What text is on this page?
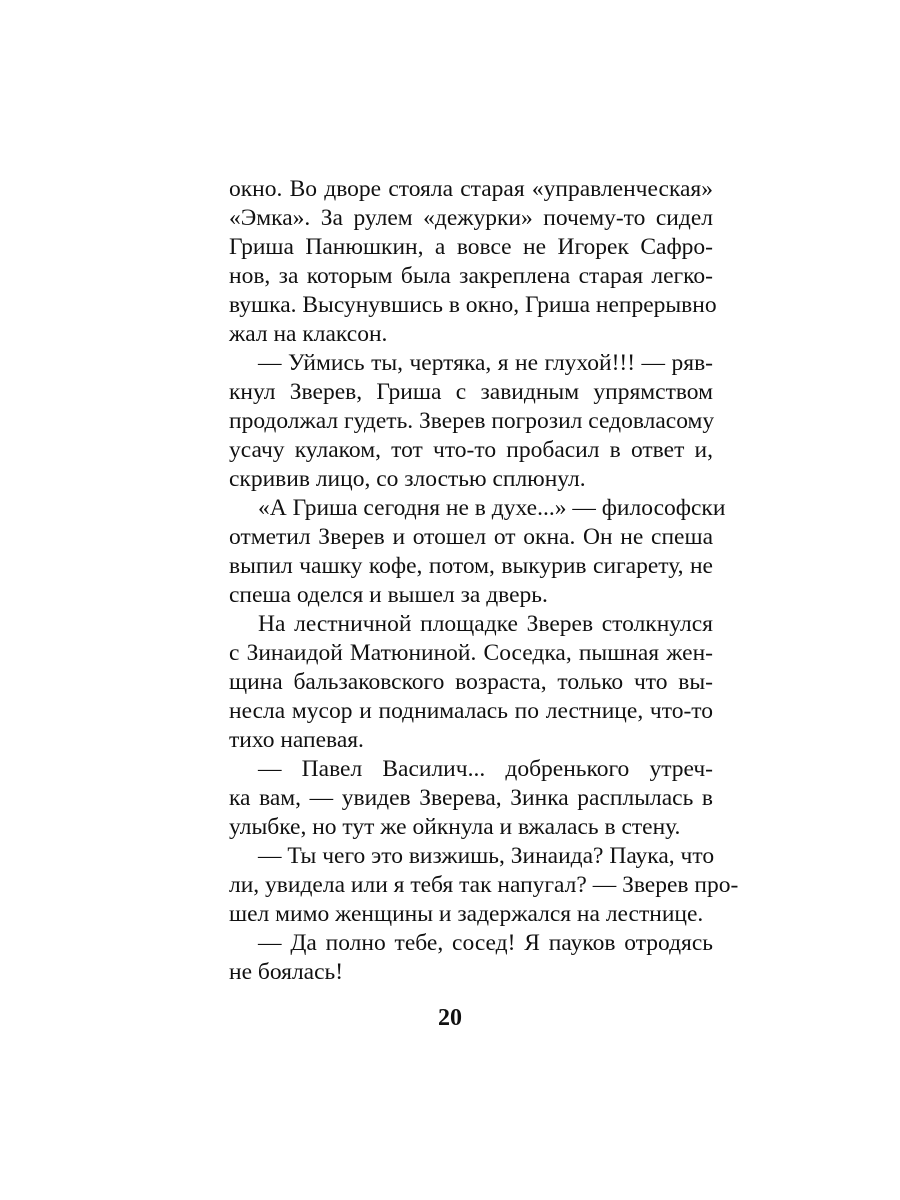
окно. Во дворе стояла старая «управленческая»
«Эмка». За рулем «дежурки» почему-то сидел
Гриша Панюшкин, а вовсе не Игорек Сафро-
нов, за которым была закреплена старая легко-
вушка. Высунувшись в окно, Гриша непрерывно
жал на клаксон.
— Уймись ты, чертяка, я не глухой!!! — ряв-
кнул Зверев, Гриша с завидным упрямством
продолжал гудеть. Зверев погрозил седовласому
усачу кулаком, тот что-то пробасил в ответ и,
скривив лицо, со злостью сплюнул.
«А Гриша сегодня не в духе...» — философски
отметил Зверев и отошел от окна. Он не спеша
выпил чашку кофе, потом, выкурив сигарету, не
спеша оделся и вышел за дверь.
На лестничной площадке Зверев столкнулся
с Зинаидой Матюниной. Соседка, пышная жен-
щина бальзаковского возраста, только что вы-
несла мусор и поднималась по лестнице, что-то
тихо напевая.
— Павел Василич... добренького утреч-
ка вам, — увидев Зверева, Зинка расплылась в
улыбке, но тут же ойкнула и вжалась в стену.
— Ты чего это визжишь, Зинаида? Паука, что
ли, увидела или я тебя так напугал? — Зверев про-
шел мимо женщины и задержался на лестнице.
— Да полно тебе, сосед! Я пауков отродясь
не боялась!
20
